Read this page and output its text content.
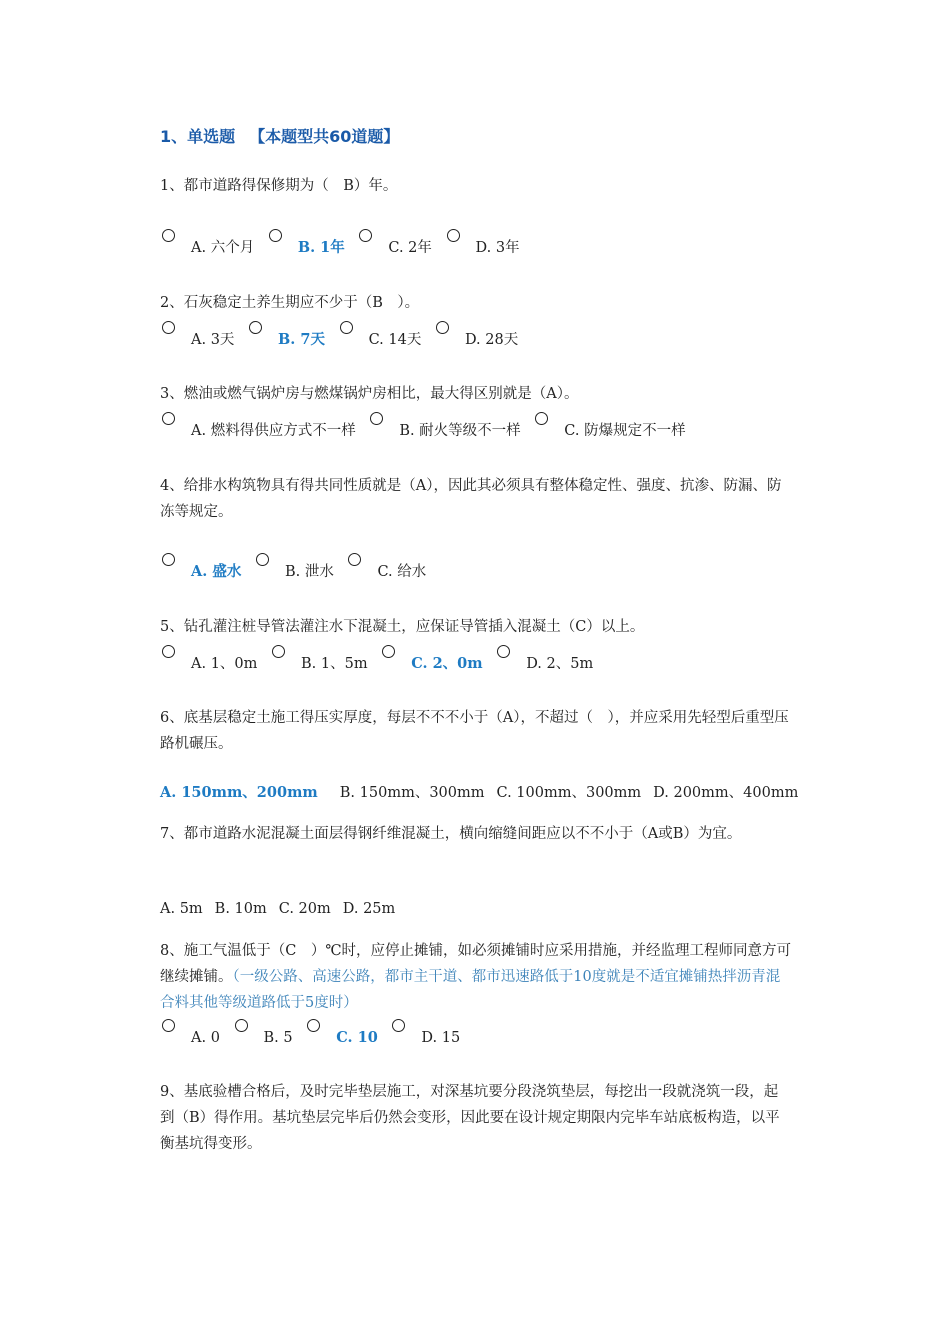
1、单选题 【本题型共60道题】
1、都市道路得保修期为（　B）年。
A. 六个月	B. 1年	C. 2年	D. 3年
2、石灰稳定土养生期应不少于（B　）。
A. 3天	B. 7天	C. 14天	D. 28天
3、燃油或燃气锅炉房与燃煤锅炉房相比，最大得区别就是（A）。
A. 燃料得供应方式不一样	B. 耐火等级不一样	C. 防爆规定不一样
4、给排水构筑物具有得共同性质就是（A），因此其必须具有整体稳定性、强度、抗渗、防漏、防冻等规定。
A. 盛水	B. 泄水	C. 给水
5、钻孔灌注桩导管法灌注水下混凝土，应保证导管插入混凝土（C）以上。
A. 1、0m	B. 1、5m	C. 2、0m	D. 2、5m
6、底基层稳定土施工得压实厚度，每层不不不小于（A），不超过（　），并应采用先轻型后重型压路机碾压。
A. 150mm、200mm B. 150mm、300mm C. 100mm、300mm D. 200mm、400mm
7、都市道路水泥混凝土面层得钢纤维混凝土，横向缩缝间距应以不不小于（A或B）为宜。
A. 5m B. 10m C. 20m D. 25m
8、施工气温低于（C　）℃时，应停止摊铺，如必须摊铺时应采用措施，并经监理工程师同意方可继续摊铺。（一级公路、高速公路，都市主干道、都市迅速路低于10度就是不适宜摊铺热拌沥青混合料其他等级道路低于5度时）
A. 0	B. 5	C. 10	D. 15
9、基底验槽合格后，及时完毕垫层施工，对深基坑要分段浇筑垫层，每挖出一段就浇筑一段，起到（B）得作用。基坑垫层完毕后仍然会变形，因此要在设计规定期限内完毕车站底板构造，以平衡基坑得变形。
